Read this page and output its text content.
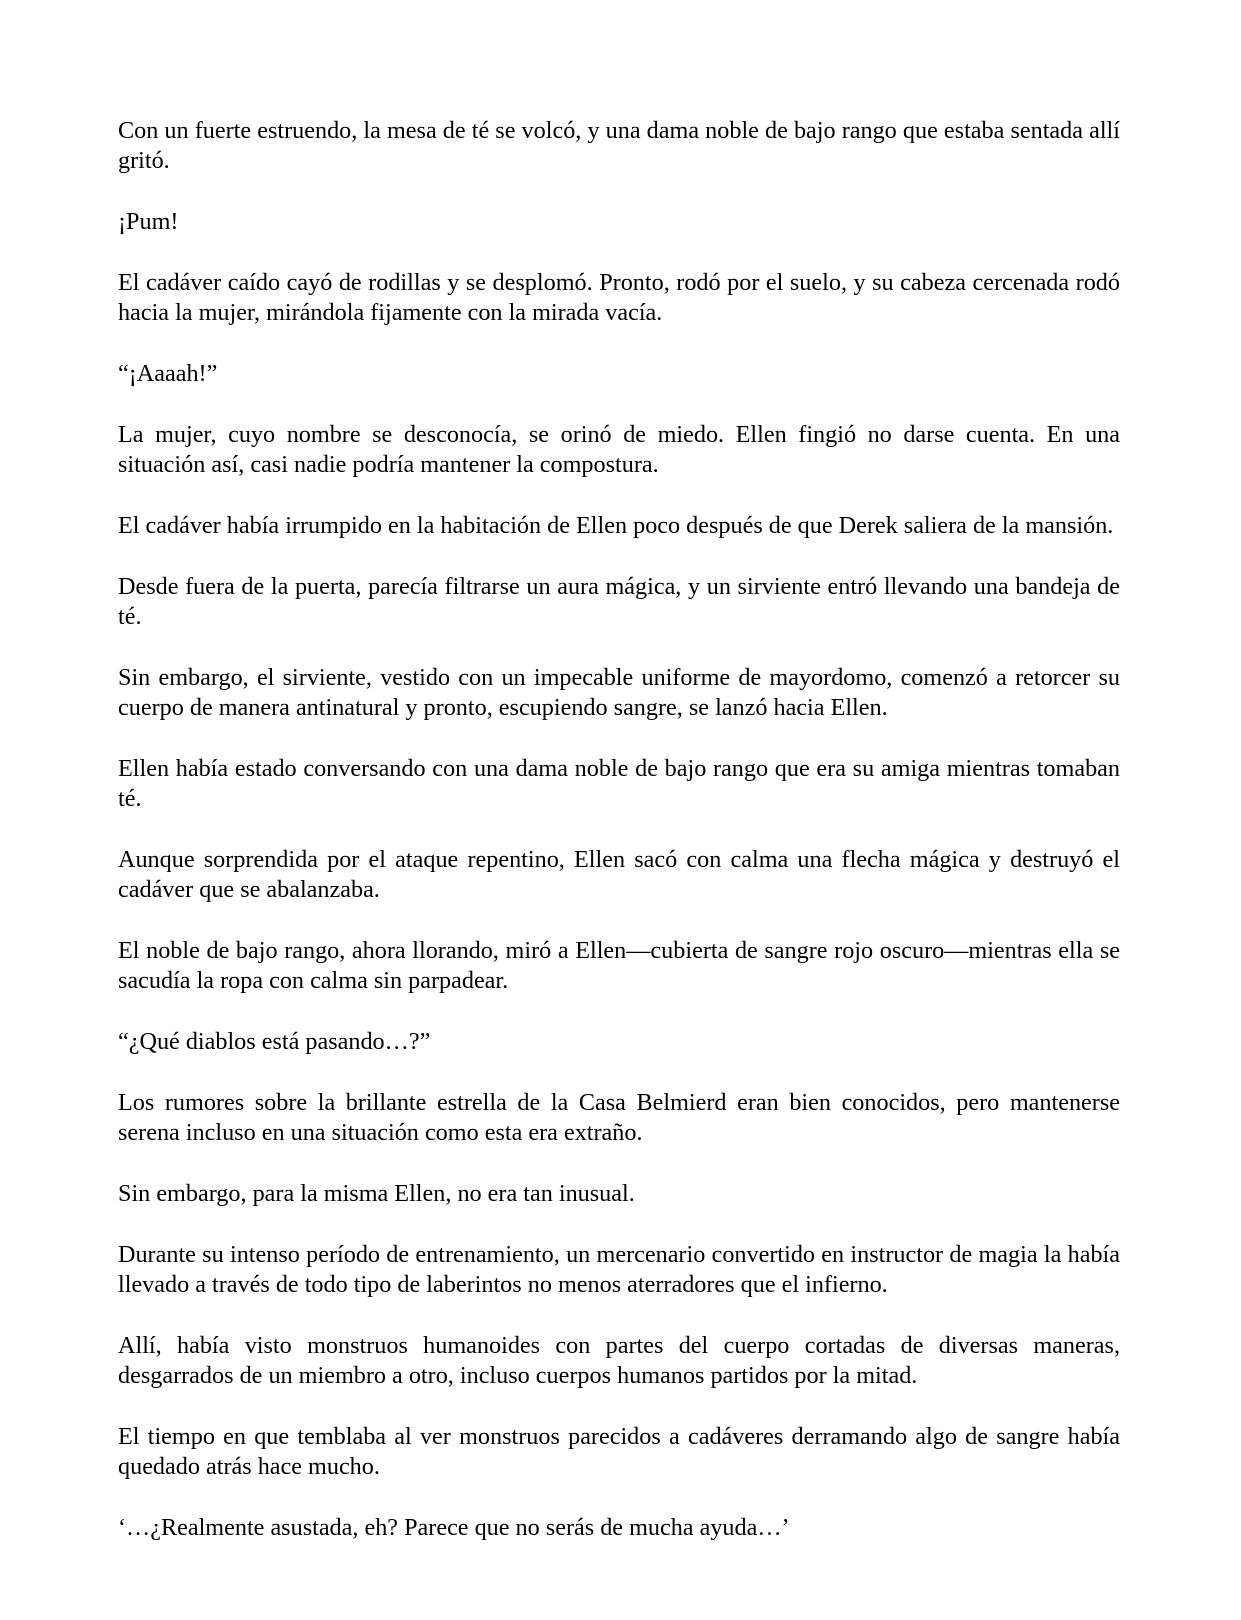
Con un fuerte estruendo, la mesa de té se volcó, y una dama noble de bajo rango que estaba sentada allí gritó.

¡Pum!

El cadáver caído cayó de rodillas y se desplomó. Pronto, rodó por el suelo, y su cabeza cercenada rodó hacia la mujer, mirándola fijamente con la mirada vacía.

“¡Aaaah!”

La mujer, cuyo nombre se desconocía, se orinó de miedo. Ellen fingió no darse cuenta. En una situación así, casi nadie podría mantener la compostura.

El cadáver había irrumpido en la habitación de Ellen poco después de que Derek saliera de la mansión.

Desde fuera de la puerta, parecía filtrarse un aura mágica, y un sirviente entró llevando una bandeja de té.

Sin embargo, el sirviente, vestido con un impecable uniforme de mayordomo, comenzó a retorcer su cuerpo de manera antinatural y pronto, escupiendo sangre, se lanzó hacia Ellen.

Ellen había estado conversando con una dama noble de bajo rango que era su amiga mientras tomaban té.

Aunque sorprendida por el ataque repentino, Ellen sacó con calma una flecha mágica y destruyó el cadáver que se abalanzaba.

El noble de bajo rango, ahora llorando, miró a Ellen—cubierta de sangre rojo oscuro—mientras ella se sacudía la ropa con calma sin parpadear.

“¿Qué diablos está pasando…?”

Los rumores sobre la brillante estrella de la Casa Belmierd eran bien conocidos, pero mantenerse serena incluso en una situación como esta era extraño.

Sin embargo, para la misma Ellen, no era tan inusual.

Durante su intenso período de entrenamiento, un mercenario convertido en instructor de magia la había llevado a través de todo tipo de laberintos no menos aterradores que el infierno.

Allí, había visto monstruos humanoides con partes del cuerpo cortadas de diversas maneras, desgarrados de un miembro a otro, incluso cuerpos humanos partidos por la mitad.

El tiempo en que temblaba al ver monstruos parecidos a cadáveres derramando algo de sangre había quedado atrás hace mucho.

‘…¿Realmente asustada, eh? Parece que no serás de mucha ayuda…’
